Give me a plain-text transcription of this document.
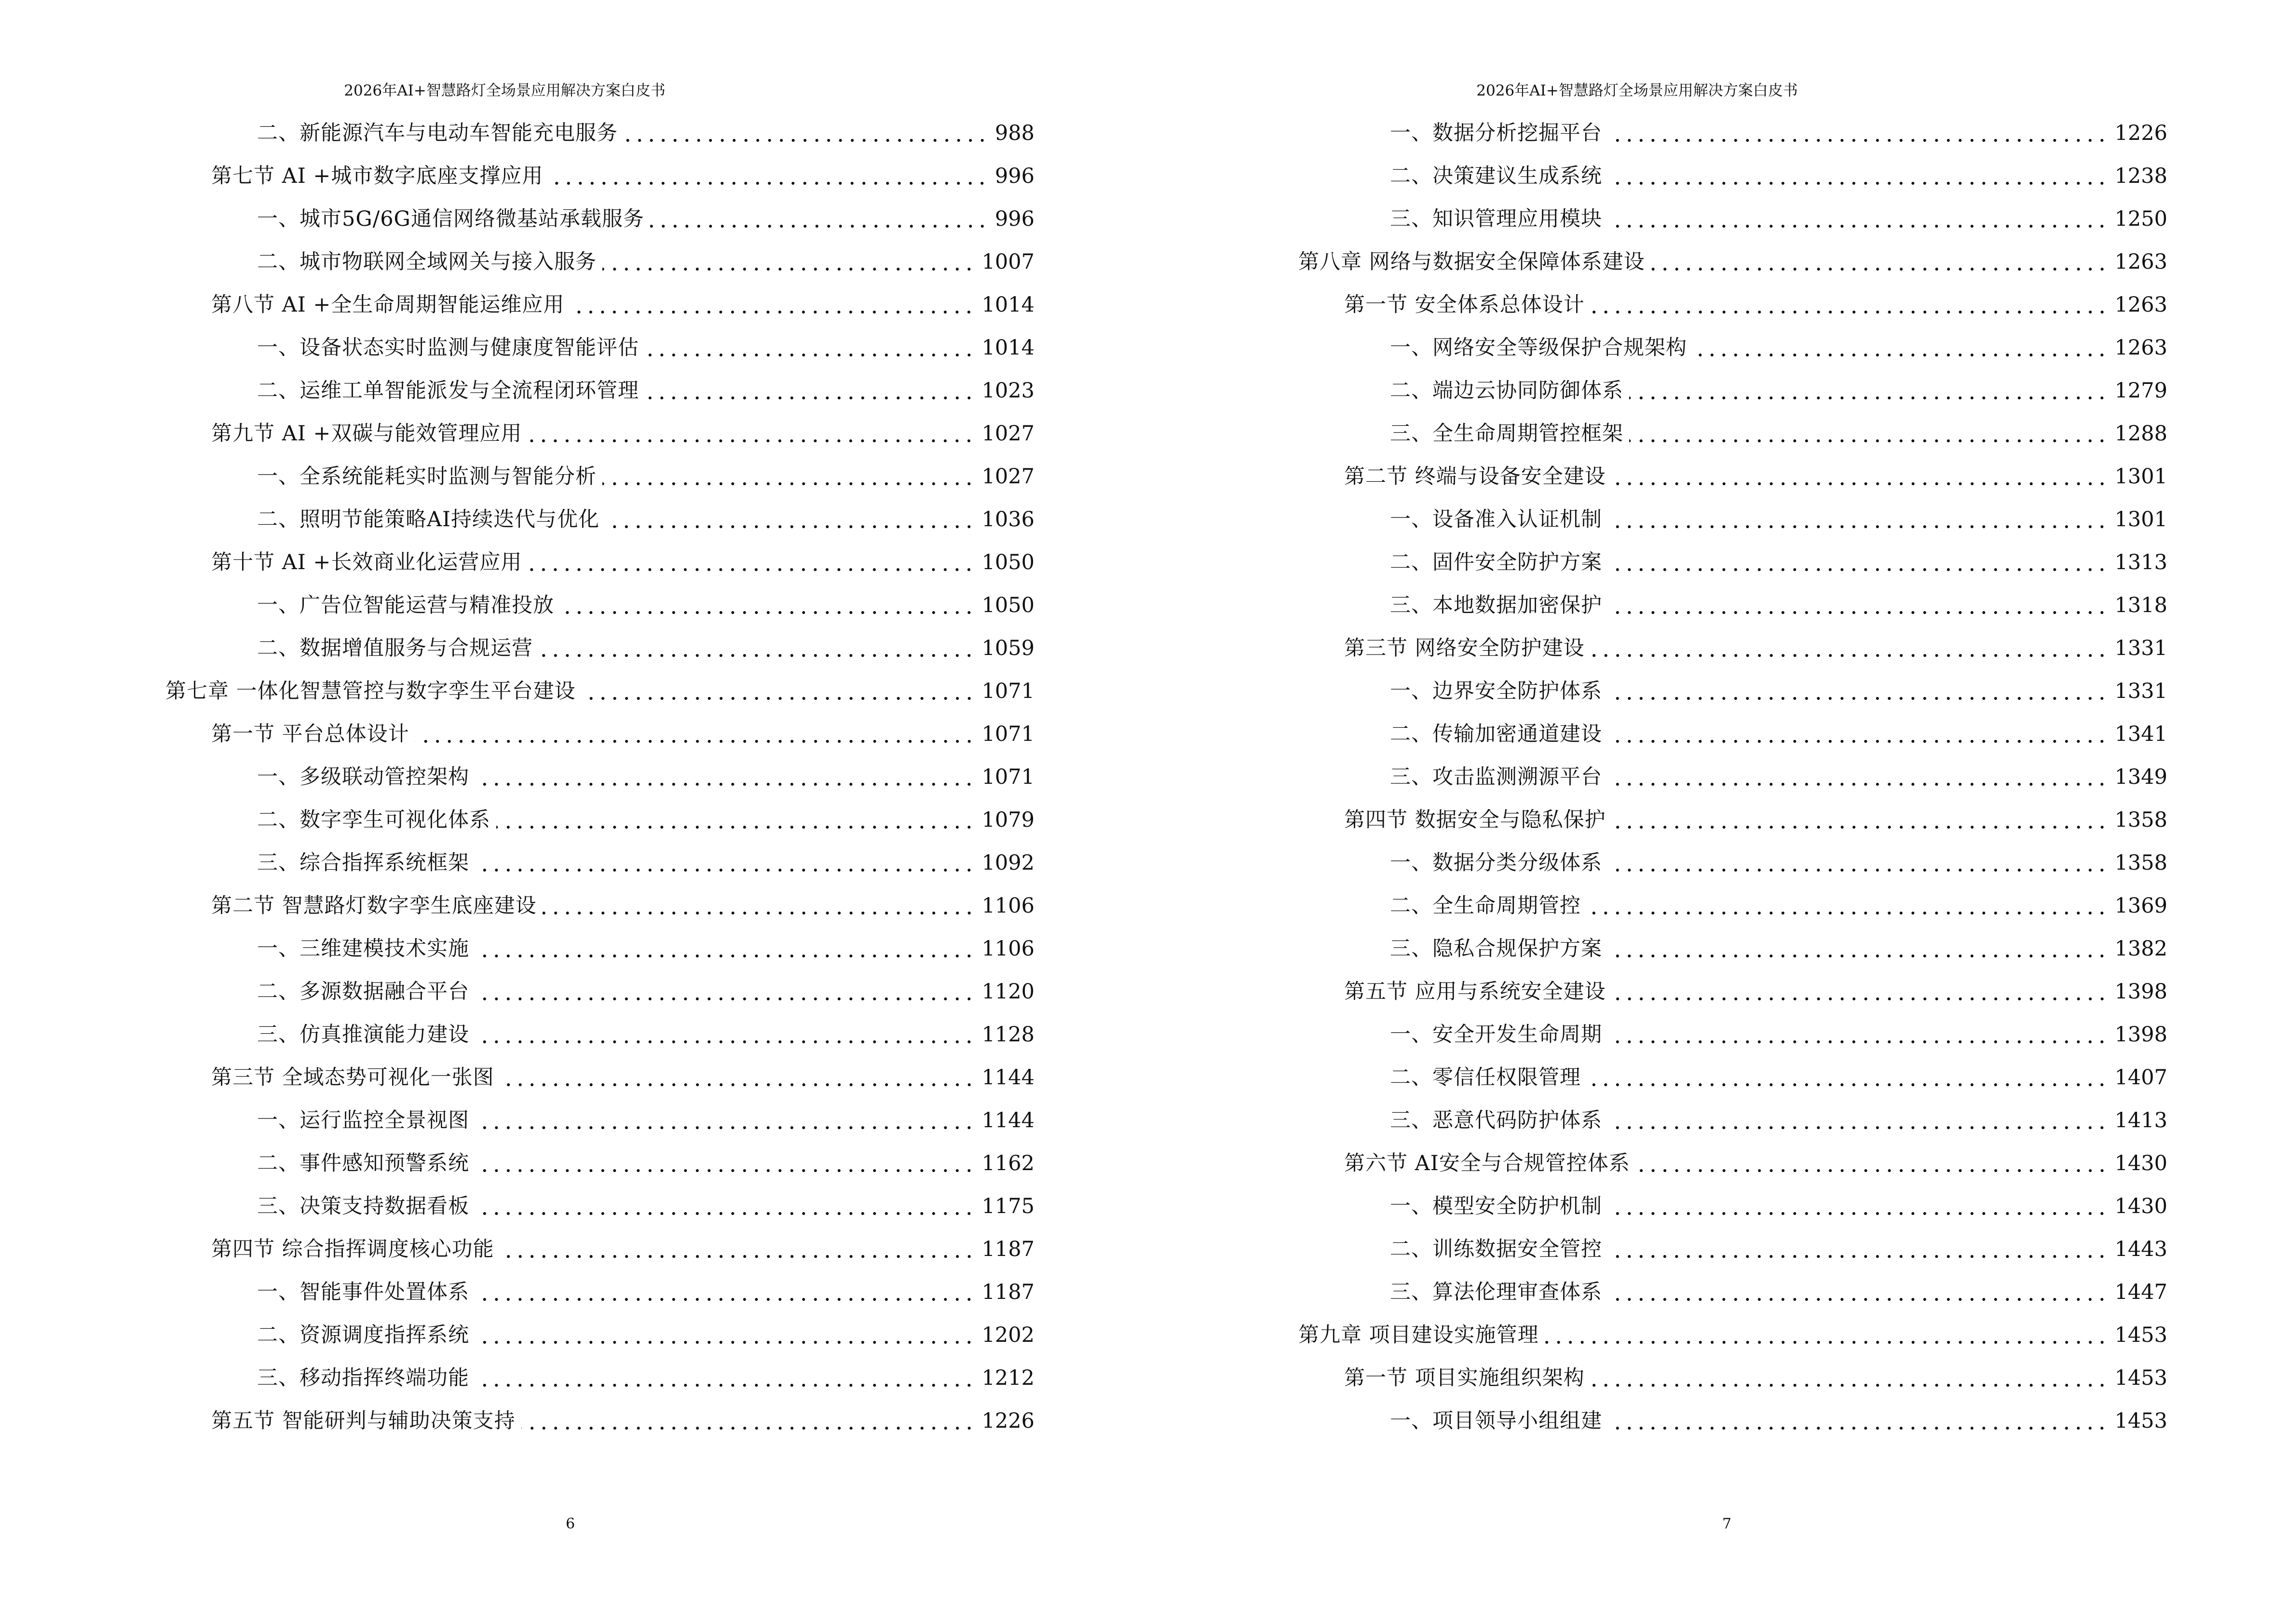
2026年AI+智慧路灯全场景应用解决方案白皮书
二、新能源汽车与电动车智能充电服务	988
第七节 AI +城市数字底座支撑应用	996
一、城市5G/6G通信网络微基站承载服务	996
二、城市物联网全域网关与接入服务	1007
第八节 AI +全生命周期智能运维应用	1014
一、设备状态实时监测与健康度智能评估	1014
二、运维工单智能派发与全流程闭环管理	1023
第九节 AI +双碳与能效管理应用	1027
一、全系统能耗实时监测与智能分析	1027
二、照明节能策略AI持续迭代与优化	1036
第十节 AI +长效商业化运营应用	1050
一、广告位智能运营与精准投放	1050
二、数据增值服务与合规运营	1059
第七章 一体化智慧管控与数字孪生平台建设	1071
第一节 平台总体设计	1071
一、多级联动管控架构	1071
二、数字孪生可视化体系	1079
三、综合指挥系统框架	1092
第二节 智慧路灯数字孪生底座建设	1106
一、三维建模技术实施	1106
二、多源数据融合平台	1120
三、仿真推演能力建设	1128
第三节 全域态势可视化一张图	1144
一、运行监控全景视图	1144
二、事件感知预警系统	1162
三、决策支持数据看板	1175
第四节 综合指挥调度核心功能	1187
一、智能事件处置体系	1187
二、资源调度指挥系统	1202
三、移动指挥终端功能	1212
第五节 智能研判与辅助决策支持	1226
6
2026年AI+智慧路灯全场景应用解决方案白皮书
一、数据分析挖掘平台	1226
二、决策建议生成系统	1238
三、知识管理应用模块	1250
第八章 网络与数据安全保障体系建设	1263
第一节 安全体系总体设计	1263
一、网络安全等级保护合规架构	1263
二、端边云协同防御体系	1279
三、全生命周期管控框架	1288
第二节 终端与设备安全建设	1301
一、设备准入认证机制	1301
二、固件安全防护方案	1313
三、本地数据加密保护	1318
第三节 网络安全防护建设	1331
一、边界安全防护体系	1331
二、传输加密通道建设	1341
三、攻击监测溯源平台	1349
第四节 数据安全与隐私保护	1358
一、数据分类分级体系	1358
二、全生命周期管控	1369
三、隐私合规保护方案	1382
第五节 应用与系统安全建设	1398
一、安全开发生命周期	1398
二、零信任权限管理	1407
三、恶意代码防护体系	1413
第六节 AI安全与合规管控体系	1430
一、模型安全防护机制	1430
二、训练数据安全管控	1443
三、算法伦理审查体系	1447
第九章 项目建设实施管理	1453
第一节 项目实施组织架构	1453
一、项目领导小组组建	1453
7
